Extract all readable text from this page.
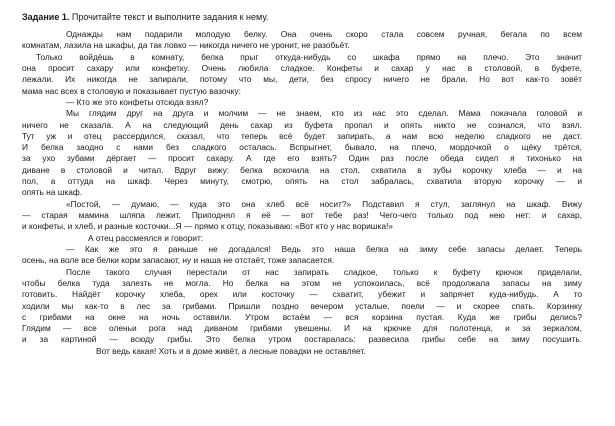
Задание 1. Прочитайте текст и выполните задания к нему.
Однажды нам подарили молодую белку. Она очень скоро стала совсем ручная, бегала по всем
комнатам, лазила на шкафы, да так ловко — никогда ничего не уронит, не разобьёт.
Только войдёшь в комнату, белка прыг откуда-нибудь со шкафа прямо на плечо. Это значит
она просит сахару или конфетку. Очень любила сладкое. Конфеты и сахар у нас в столовой, в буфете,
лежали. Их никогда не запирали, потому что мы, дети, без спросу ничего не брали. Но вот как-то зовёт
мама нас всех в столовую и показывает пустую вазочку:
— Кто же это конфеты отсюда взял?
Мы глядим друг на друга и молчим — не знаем, кто из нас это сделал. Мама покачала головой и
ничего не сказала. А на следующий день сахар из буфета пропал и опять никто не сознался, что взял.
Тут уж и отец рассердился, сказал, что теперь всё будет запирать, а нам всю неделю сладкого не даст.
И белка заодно с нами без сладкого осталась. Вспрыгнет, бывало, на плечо, мордочкой о щёку трётся,
за ухо зубами дёргает — просит сахару. А где его взять? Один раз после обеда сидел я тихонько на
диване в столовой и читал. Вдруг вижу: белка вскочила на стол, схватила в зубы корочку хлеба — и на
пол, а оттуда на шкаф. Через минуту, смотрю, опять на стол забралась, схватила вторую корочку — и
опять на шкаф.
«Постой, — думаю, — куда это она хлеб всё носит?» Подставил я стул, заглянул на шкаф. Вижу
— старая мамина шляпа лежит. Приподнял я её — вот тебе раз! Чего-чего только под нею нет: и сахар,
и конфеты, и хлеб, и разные косточки...Я — прямо к отцу, показываю: «Вот кто у нас воришка!»
А отец рассмеялся и говорит:
— Как же это я раньше не догадался! Ведь это наша белка на зиму себе запасы делает. Теперь
осень, на воле все белки корм запасают, ну и наша не отстаёт, тоже запасается.
После такого случая перестали от нас запирать сладкое, только к буфету крючок приделали,
чтобы белка туда залезть не могла. Но белка на этом не успокоилась, всё продолжала запасы на зиму
готовить. Найдёт корочку хлеба, орех или косточку — схватит, убежит и запрячет куда-нибудь. А то
ходили мы как-то в лес за грибами. Пришли поздно вечером усталые, поели — и скорее спать. Корзинку
с грибами на окне на ночь оставили. Утром встаём — вся корзина пустая. Куда же грибы делись?
Глядим — все оленьи рога над диваном грибами увешены. И на крючке для полотенца, и за зеркалом,
и за картиной — всюду грибы. Это белка утром постаралась: развесила грибы себе на зиму посушить.
Вот ведь какая! Хоть и в доме живёт, а лесные повадки не оставляет.
